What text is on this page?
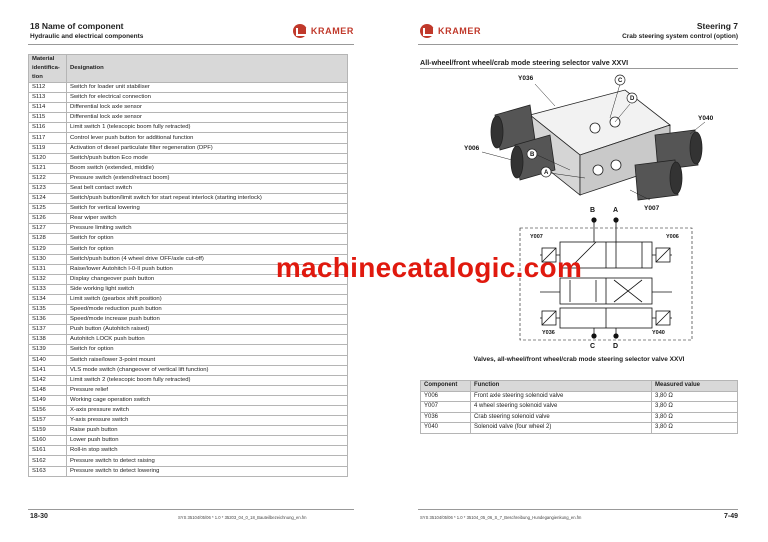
18 Name of component
Hydraulic and electrical components
KRAMER
Material identifica-tion	Designation
S112	Switch for loader unit stabiliser
S113	Switch for electrical connection
S114	Differential lock axle sensor
S115	Differential lock axle sensor
S116	Limit switch 1 (telescopic boom fully retracted)
S117	Control lever push button for additional function
S119	Activation of diesel particulate filter regeneration (DPF)
S120	Switch/push button Eco mode
S121	Boom switch (extended, middle)
S122	Pressure switch (extend/retract boom)
S123	Seat belt contact switch
S124	Switch/push button/limit switch for start repeat interlock (starting interlock)
S125	Switch for vertical lowering
S126	Rear wiper switch
S127	Pressure limiting switch
S128	Switch for option
S129	Switch for option
S130	Switch/push button (4 wheel drive OFF/axle cut-off)
S131	Raise/lower Autohitch I-0-II push button
S132	Display changeover push button
S133	Side working light switch
S134	Limit switch (gearbox shift position)
S135	Speed/mode reduction push button
S136	Speed/mode increase push button
S137	Push button (Autohitch raised)
S138	Autohitch LOCK push button
S139	Switch for option
S140	Switch raise/lower 3-point mount
S141	VLS mode switch (changeover of vertical lift function)
S142	Limit switch 2 (telescopic boom fully retracted)
S148	Pressure relief
S149	Working cage operation switch
S156	X-axis pressure switch
S157	Y-axis pressure switch
S159	Raise push button
S160	Lower push button
S161	Roll-in stop switch
S162	Pressure switch to detect raising
S163	Pressure switch to detect lowering
18-30	SYS 35104/05/06 * 1.0 * 35203_04_0_18_Bauteilbezeichnung_en.fm
KRAMER	Steering 7
Crab steering system control (option)
All-wheel/front wheel/crab mode steering selector valve XXVI
C
D
B
A
Y036
Y040
Y006
Y007
B	A
Y007	Y006
Y036	Y040
C	D
Valves, all-wheel/front wheel/crab mode steering selector valve XXVI
Component	Function	Measured value
Y006	Front axle steering solenoid valve	3,80 Ω
Y007	4 wheel steering solenoid valve	3,80 Ω
Y036	Crab steering solenoid valve	3,80 Ω
Y040	Solenoid valve (four wheel 2)	3,80 Ω
SYS 35104/05/06 * 1.0 * 35104_05_06_S_7_Beschreibung_Hundegangienkung_en.fm	7-49
machinecatalogic.com
